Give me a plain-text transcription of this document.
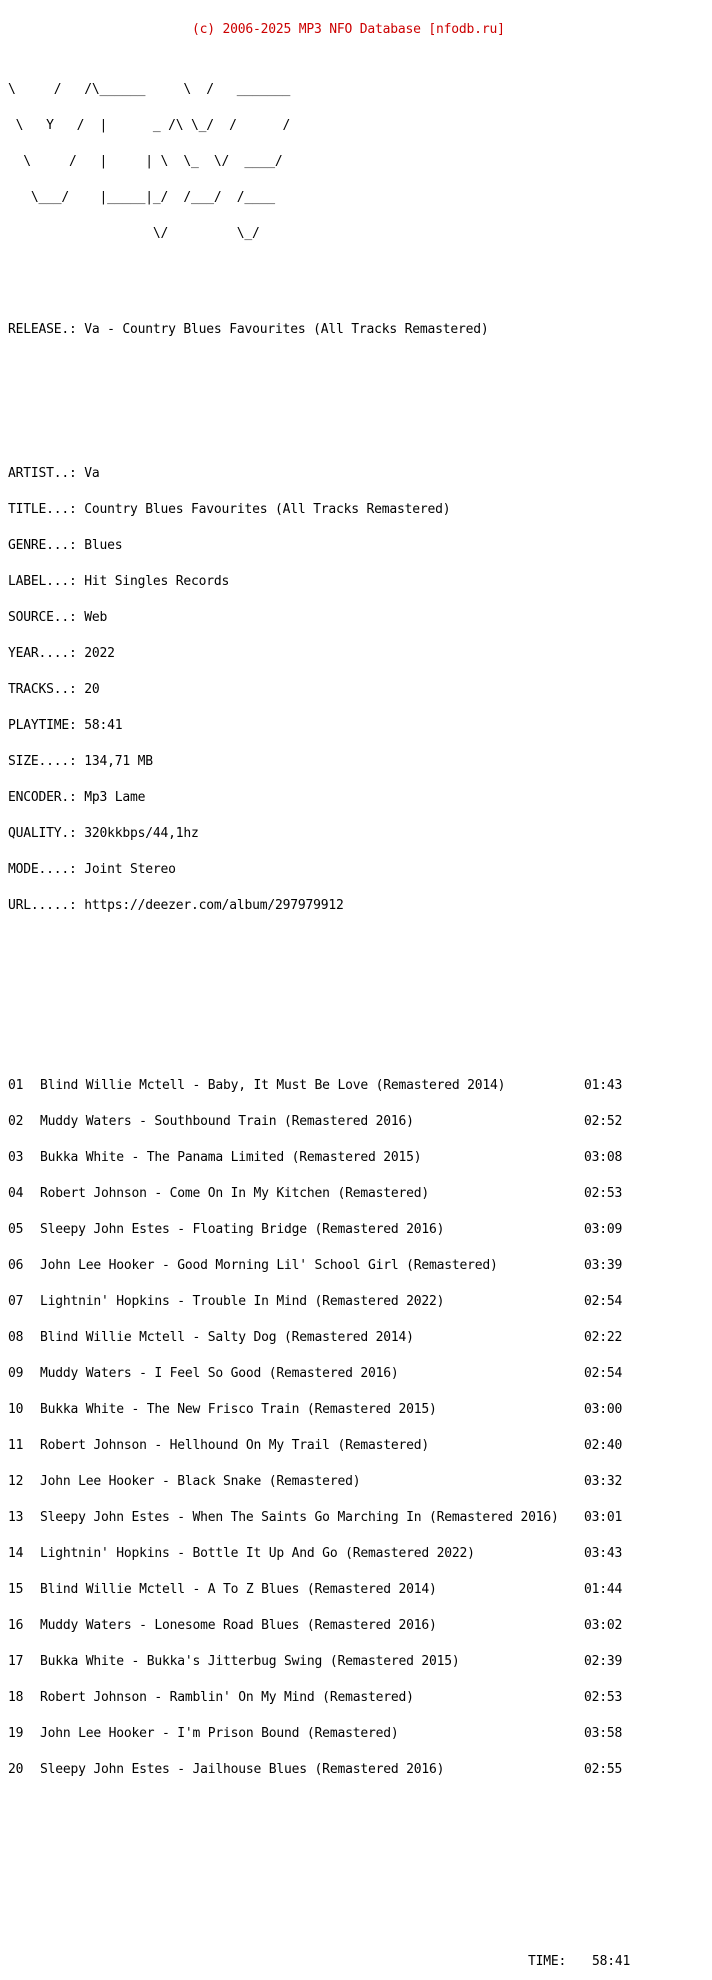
(c) 2006-2025 MP3 NFO Database [nfodb.ru]

\     /   /\______     \  /   _______

\   Y   /  |      _ /\ \_/  /      /

\     /   |     | \  \_  \/  ____/

\___/    |_____|_/  /___/  /____

\/         \_/

RELEASE.: Va - Country Blues Favourites (All Tracks Remastered)

ARTIST..: Va

TITLE...: Country Blues Favourites (All Tracks Remastered)

GENRE...: Blues

LABEL...: Hit Singles Records

SOURCE..: Web

YEAR....: 2022

TRACKS..: 20

PLAYTIME: 58:41

SIZE....: 134,71 MB

ENCODER.: Mp3 Lame

QUALITY.: 320kkbps/44,1hz

MODE....: Joint Stereo

URL.....: https://deezer.com/album/297979912

01 Blind Willie Mctell - Baby, It Must Be Love (Remastered 2014)	01:43

02 Muddy Waters - Southbound Train (Remastered 2016)	02:52

03 Bukka White - The Panama Limited (Remastered 2015)	03:08

04 Robert Johnson - Come On In My Kitchen (Remastered)	02:53

05 Sleepy John Estes - Floating Bridge (Remastered 2016)	03:09

06 John Lee Hooker - Good Morning Lil' School Girl (Remastered)	03:39

07 Lightnin' Hopkins - Trouble In Mind (Remastered 2022)	02:54

08 Blind Willie Mctell - Salty Dog (Remastered 2014)	02:22

09 Muddy Waters - I Feel So Good (Remastered 2016)	02:54

10 Bukka White - The New Frisco Train (Remastered 2015)	03:00

11 Robert Johnson - Hellhound On My Trail (Remastered)	02:40

12 John Lee Hooker - Black Snake (Remastered)	03:32

13 Sleepy John Estes - When The Saints Go Marching In (Remastered 2016) 03:01

14 Lightnin' Hopkins - Bottle It Up And Go (Remastered 2022)	03:43

15 Blind Willie Mctell - A To Z Blues (Remastered 2014)	01:44

16 Muddy Waters - Lonesome Road Blues (Remastered 2016)	03:02

17 Bukka White - Bukka's Jitterbug Swing (Remastered 2015)	02:39

18 Robert Johnson - Ramblin' On My Mind (Remastered)	02:53

19 John Lee Hooker - I'm Prison Bound (Remastered)	03:58

20 Sleepy John Estes - Jailhouse Blues (Remastered 2016)	02:55

TIME: 58:41
